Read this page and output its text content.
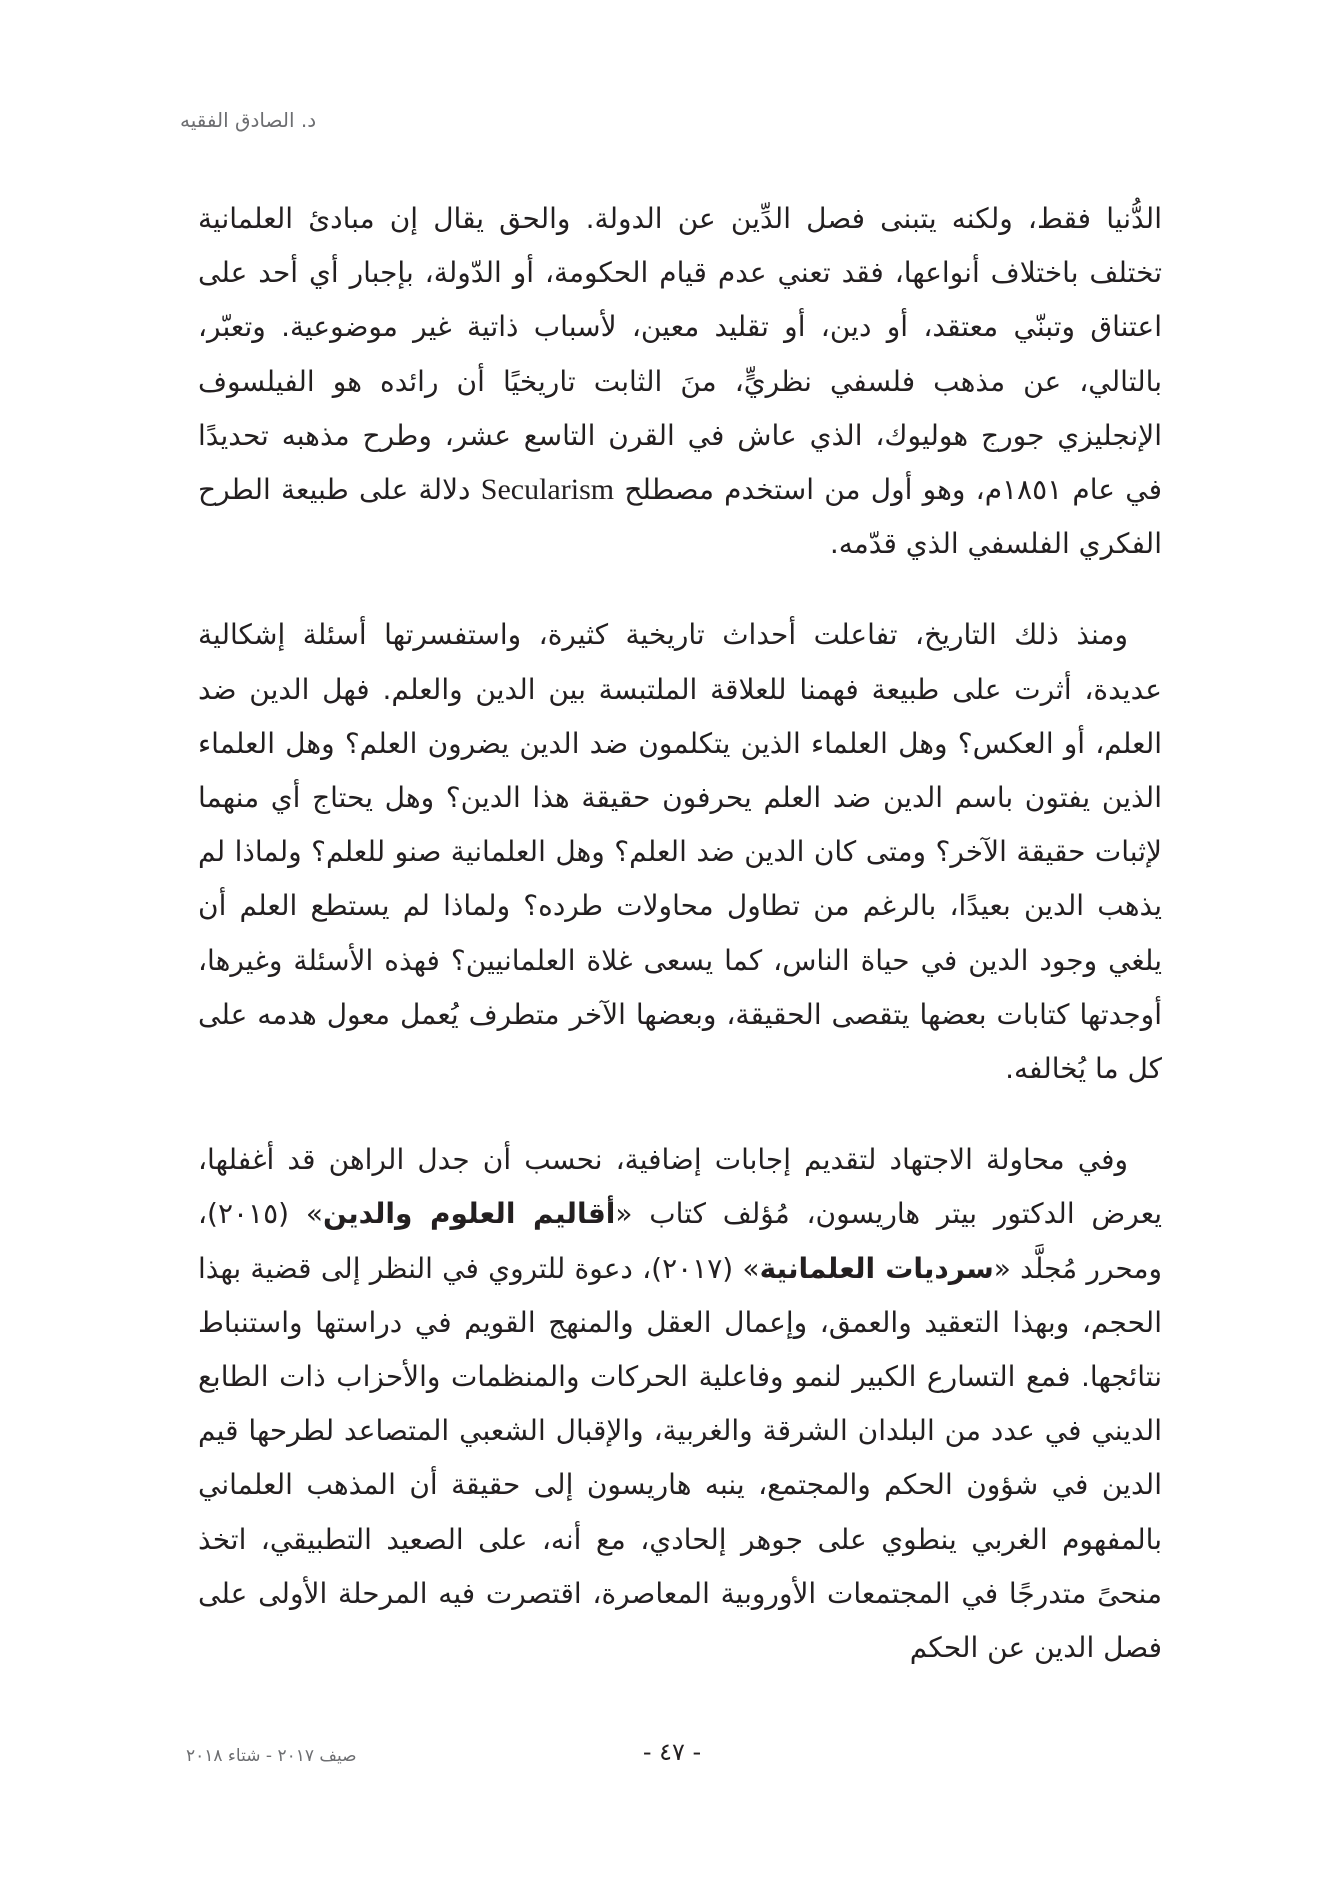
د. الصادق الفقيه

الدُّنيا فقط، ولكنه يتبنى فصل الدِّين عن الدولة. والحق يقال إن مبادئ العلمانية تختلف باختلاف أنواعها، فقد تعني عدم قيام الحكومة، أو الدّولة، بإجبار أي أحد على اعتناق وتبنّي معتقد، أو دين، أو تقليد معين، لأسباب ذاتية غير موضوعية. وتعبّر، بالتالي، عن مذهب فلسفي نظريٍّ، منَ الثابت تاريخيًا أن رائده هو الفيلسوف الإنجليزي جورج هوليوك، الذي عاش في القرن التاسع عشر، وطرح مذهبه تحديدًا في عام ١٨٥١م، وهو أول من استخدم مصطلح Secularism دلالة على طبيعة الطرح الفكري الفلسفي الذي قدّمه.

ومنذ ذلك التاريخ، تفاعلت أحداث تاريخية كثيرة، واستفسرتها أسئلة إشكالية عديدة، أثرت على طبيعة فهمنا للعلاقة الملتبسة بين الدين والعلم. فهل الدين ضد العلم، أو العكس؟ وهل العلماء الذين يتكلمون ضد الدين يضرون العلم؟ وهل العلماء الذين يفتون باسم الدين ضد العلم يحرفون حقيقة هذا الدين؟ وهل يحتاج أي منهما لإثبات حقيقة الآخر؟ ومتى كان الدين ضد العلم؟ وهل العلمانية صنو للعلم؟ ولماذا لم يذهب الدين بعيدًا، بالرغم من تطاول محاولات طرده؟ ولماذا لم يستطع العلم أن يلغي وجود الدين في حياة الناس، كما يسعى غلاة العلمانيين؟ فهذه الأسئلة وغيرها، أوجدتها كتابات بعضها يتقصى الحقيقة، وبعضها الآخر متطرف يُعمل معول هدمه على كل ما يُخالفه.

وفي محاولة الاجتهاد لتقديم إجابات إضافية، نحسب أن جدل الراهن قد أغفلها، يعرض الدكتور بيتر هاريسون، مُؤلف كتاب «أقاليم العلوم والدين» (٢٠١٥)، ومحرر مُجلَّد «سرديات العلمانية» (٢٠١٧)، دعوة للتروي في النظر إلى قضية بهذا الحجم، وبهذا التعقيد والعمق، وإعمال العقل والمنهج القويم في دراستها واستنباط نتائجها. فمع التسارع الكبير لنمو وفاعلية الحركات والمنظمات والأحزاب ذات الطابع الديني في عدد من البلدان الشرقة والغربية، والإقبال الشعبي المتصاعد لطرحها قيم الدين في شؤون الحكم والمجتمع، ينبه هاريسون إلى حقيقة أن المذهب العلماني بالمفهوم الغربي ينطوي على جوهر إلحادي، مع أنه، على الصعيد التطبيقي، اتخذ منحىً متدرجًا في المجتمعات الأوروبية المعاصرة، اقتصرت فيه المرحلة الأولى على فصل الدين عن الحكم

صيف ٢٠١٧ - شتاء ٢٠١٨	- ٤٧ -
